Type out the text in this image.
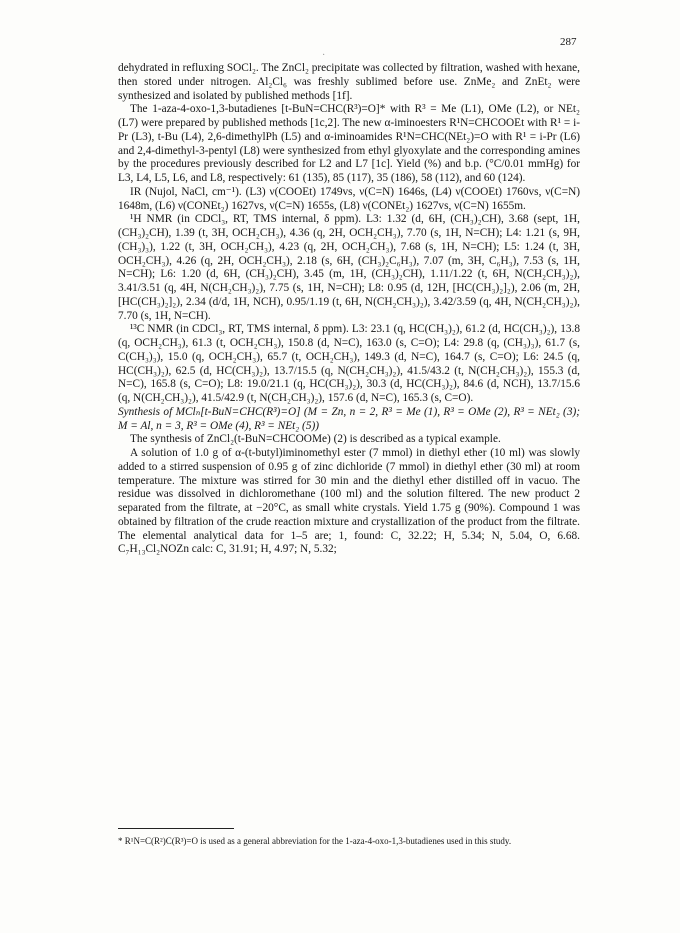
287
·

dehydrated in refluxing SOCl₂. The ZnCl₂ precipitate was collected by filtration, washed with hexane, then stored under nitrogen. Al₂Cl₆ was freshly sublimed before use. ZnMe₂ and ZnEt₂ were synthesized and isolated by published methods [1f].

The 1-aza-4-oxo-1,3-butadienes [t-BuN=CHC(R³)=O]* with R³ = Me (L1), OMe (L2), or NEt₂ (L7) were prepared by published methods [1c,2]. The new α-iminoesters R¹N=CHCOOEt with R¹ = i-Pr (L3), t-Bu (L4), 2,6-dimethylPh (L5) and α-iminoamides R¹N=CHC(NEt₂)=O with R¹ = i-Pr (L6) and 2,4-dimethyl-3-pentyl (L8) were synthesized from ethyl glyoxylate and the corresponding amines by the procedures previously described for L2 and L7 [1c]. Yield (%) and b.p. (°C/0.01 mmHg) for L3, L4, L5, L6, and L8, respectively: 61 (135), 85 (117), 35 (186), 58 (112), and 60 (124).

IR (Nujol, NaCl, cm⁻¹). (L3) ν(COOEt) 1749vs, ν(C=N) 1646s, (L4) ν(COOEt) 1760vs, ν(C=N) 1648m, (L6) ν(CONEt₂) 1627vs, ν(C=N) 1655s, (L8) ν(CONEt₂) 1627vs, ν(C=N) 1655m.

¹H NMR (in CDCl₃, RT, TMS internal, δ ppm). L3: 1.32 (d, 6H, (CH₃)₂CH), 3.68 (sept, 1H, (CH₃)₂CH), 1.39 (t, 3H, OCH₂CH₃), 4.36 (q, 2H, OCH₂CH₃), 7.70 (s, 1H, N=CH); L4: 1.21 (s, 9H, (CH₃)₃), 1.22 (t, 3H, OCH₂CH₃), 4.23 (q, 2H, OCH₂CH₃), 7.68 (s, 1H, N=CH); L5: 1.24 (t, 3H, OCH₂CH₃), 4.26 (q, 2H, OCH₂CH₃), 2.18 (s, 6H, (CH₃)₂C₆H₃), 7.07 (m, 3H, C₆H₃), 7.53 (s, 1H, N=CH); L6: 1.20 (d, 6H, (CH₃)₂CH), 3.45 (m, 1H, (CH₃)₂CH), 1.11/1.22 (t, 6H, N(CH₂CH₃)₂), 3.41/3.51 (q, 4H, N(CH₂CH₃)₂), 7.75 (s, 1H, N=CH); L8: 0.95 (d, 12H, [HC(CH₃)₂]₂), 2.06 (m, 2H, [HC(CH₃)₂]₂), 2.34 (d/d, 1H, NCH), 0.95/1.19 (t, 6H, N(CH₂CH₃)₂), 3.42/3.59 (q, 4H, N(CH₂CH₃)₂), 7.70 (s, 1H, N=CH).

¹³C NMR (in CDCl₃, RT, TMS internal, δ ppm). L3: 23.1 (q, HC(CH₃)₂), 61.2 (d, HC(CH₃)₂), 13.8 (q, OCH₂CH₃), 61.3 (t, OCH₂CH₃), 150.8 (d, N=C), 163.0 (s, C=O); L4: 29.8 (q, (CH₃)₃), 61.7 (s, C(CH₃)₃), 15.0 (q, OCH₂CH₃), 65.7 (t, OCH₂CH₃), 149.3 (d, N=C), 164.7 (s, C=O); L6: 24.5 (q, HC(CH₃)₂), 62.5 (d, HC(CH₃)₂), 13.7/15.5 (q, N(CH₂CH₃)₂), 41.5/43.2 (t, N(CH₂CH₃)₂), 155.3 (d, N=C), 165.8 (s, C=O); L8: 19.0/21.1 (q, HC(CH₃)₂), 30.3 (d, HC(CH₃)₂), 84.6 (d, NCH), 13.7/15.6 (q, N(CH₂CH₃)₂), 41.5/42.9 (t, N(CH₂CH₃)₂), 157.6 (d, N=C), 165.3 (s, C=O).

Synthesis of MClₙ[t-BuN=CHC(R³)=O] (M = Zn, n = 2, R³ = Me (1), R³ = OMe (2), R³ = NEt₂ (3); M = Al, n = 3, R³ = OMe (4), R³ = NEt₂ (5))

The synthesis of ZnCl₂(t-BuN=CHCOOMe) (2) is described as a typical example.

A solution of 1.0 g of α-(t-butyl)iminomethyl ester (7 mmol) in diethyl ether (10 ml) was slowly added to a stirred suspension of 0.95 g of zinc dichloride (7 mmol) in diethyl ether (30 ml) at room temperature. The mixture was stirred for 30 min and the diethyl ether distilled off in vacuo. The residue was dissolved in dichloromethane (100 ml) and the solution filtered. The new product 2 separated from the filtrate, at −20°C, as small white crystals. Yield 1.75 g (90%). Compound 1 was obtained by filtration of the crude reaction mixture and crystallization of the product from the filtrate. The elemental analytical data for 1–5 are; 1, found: C, 32.22; H, 5.34; N, 5.04, O, 6.68. C₇H₁₃Cl₂NOZn calc: C, 31.91; H, 4.97; N, 5.32;

* R¹N=C(R²)C(R³)=O is used as a general abbreviation for the 1-aza-4-oxo-1,3-butadienes used in this study.
